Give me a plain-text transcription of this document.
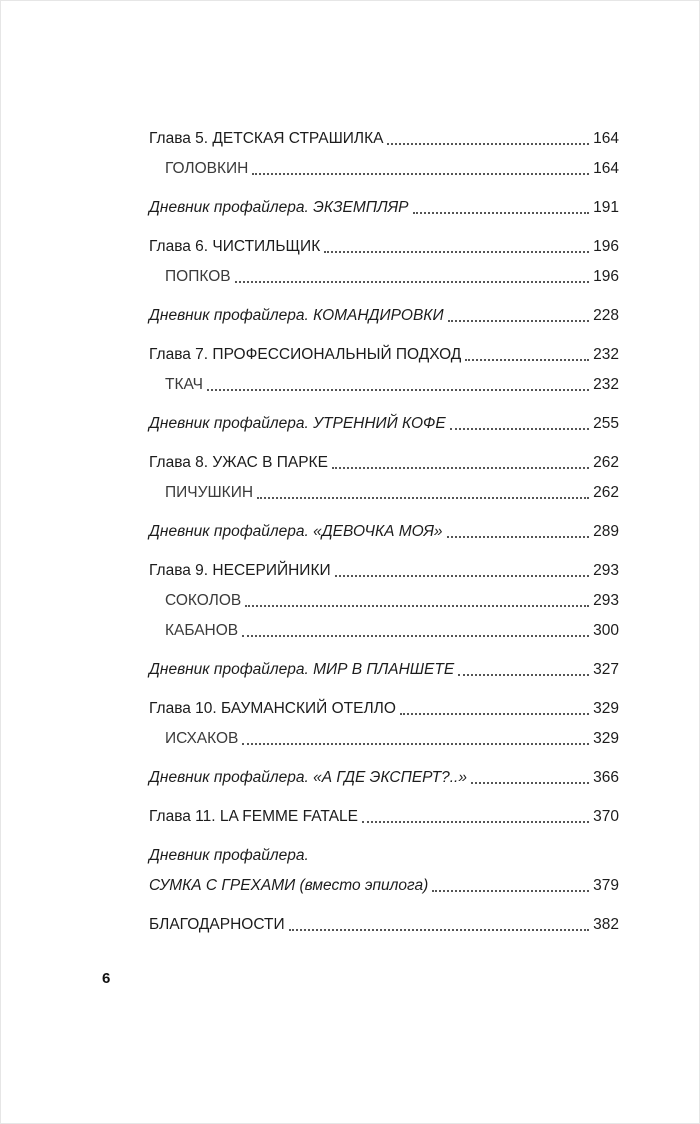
Глава 5. ДЕТСКАЯ СТРАШИЛКА	164
ГОЛОВКИН	164
Дневник профайлера. ЭКЗЕМПЛЯР	191
Глава 6. ЧИСТИЛЬЩИК	196
ПОПКОВ	196
Дневник профайлера. КОМАНДИРОВКИ	228
Глава 7. ПРОФЕССИОНАЛЬНЫЙ ПОДХОД	232
ТКАЧ	232
Дневник профайлера. УТРЕННИЙ КОФЕ	255
Глава 8. УЖАС В ПАРКЕ	262
ПИЧУШКИН	262
Дневник профайлера. «ДЕВОЧКА МОЯ»	289
Глава 9. НЕСЕРИЙНИКИ	293
СОКОЛОВ	293
КАБАНОВ	300
Дневник профайлера. МИР В ПЛАНШЕТЕ	327
Глава 10. БАУМАНСКИЙ ОТЕЛЛО	329
ИСХАКОВ	329
Дневник профайлера. «А ГДЕ ЭКСПЕРТ?..»	366
Глава 11. LA FEMME FATALE	370
Дневник профайлера.
СУМКА С ГРЕХАМИ (вместо эпилога)	379
БЛАГОДАРНОСТИ	382
6
